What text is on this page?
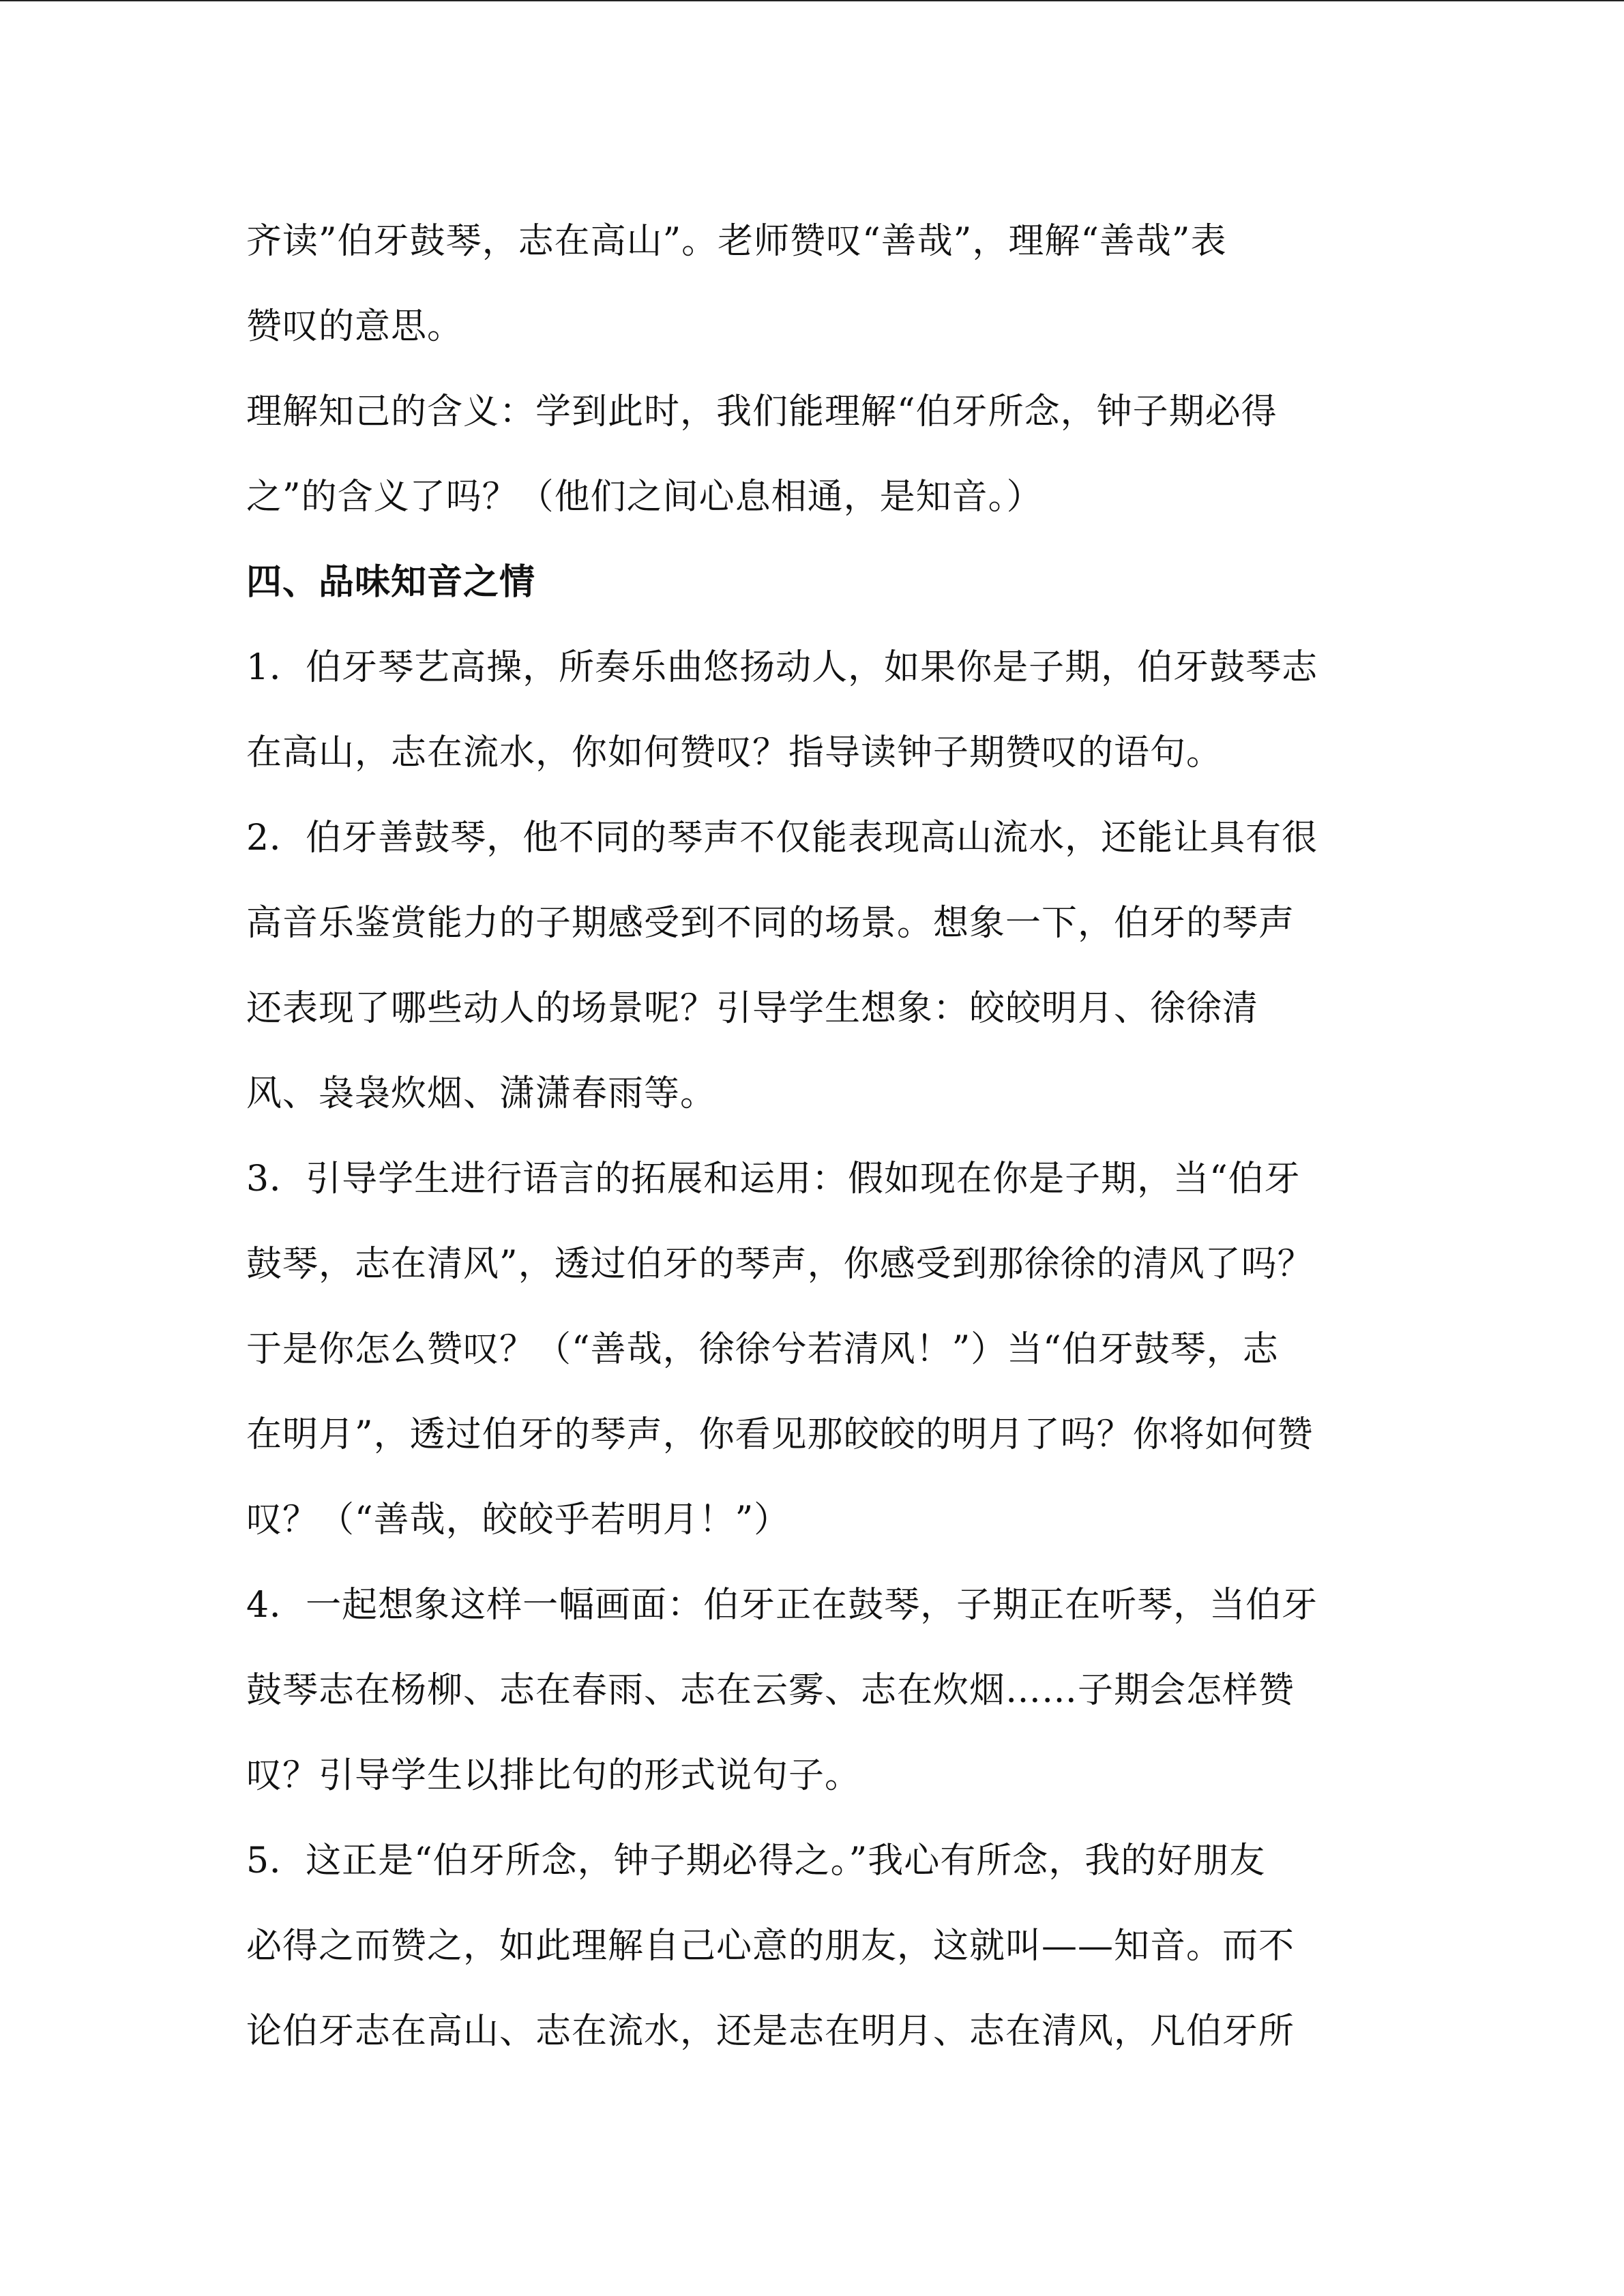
齐读”伯牙鼓琴，志在高山”。老师赞叹“善哉”，理解“善哉”表
赞叹的意思。
理解知己的含义：学到此时，我们能理解“伯牙所念，钟子期必得
之”的含义了吗？（他们之间心息相通，是知音。）
四、品味知音之情
1．伯牙琴艺高操，所奏乐曲悠扬动人，如果你是子期，伯牙鼓琴志
在高山，志在流水，你如何赞叹？指导读钟子期赞叹的语句。
2．伯牙善鼓琴，他不同的琴声不仅能表现高山流水，还能让具有很
高音乐鉴赏能力的子期感受到不同的场景。想象一下，伯牙的琴声
还表现了哪些动人的场景呢？引导学生想象：皎皎明月、徐徐清
风、袅袅炊烟、潇潇春雨等。
3．引导学生进行语言的拓展和运用：假如现在你是子期，当“伯牙
鼓琴，志在清风”，透过伯牙的琴声，你感受到那徐徐的清风了吗？
于是你怎么赞叹？（“善哉，徐徐兮若清风！”）当“伯牙鼓琴，志
在明月”，透过伯牙的琴声，你看见那皎皎的明月了吗？你将如何赞
叹？（“善哉，皎皎乎若明月！”）
4．一起想象这样一幅画面：伯牙正在鼓琴，子期正在听琴，当伯牙
鼓琴志在杨柳、志在春雨、志在云雾、志在炊烟……子期会怎样赞
叹？引导学生以排比句的形式说句子。
5．这正是“伯牙所念，钟子期必得之。”我心有所念，我的好朋友
必得之而赞之，如此理解自己心意的朋友，这就叫——知音。而不
论伯牙志在高山、志在流水，还是志在明月、志在清风，凡伯牙所
